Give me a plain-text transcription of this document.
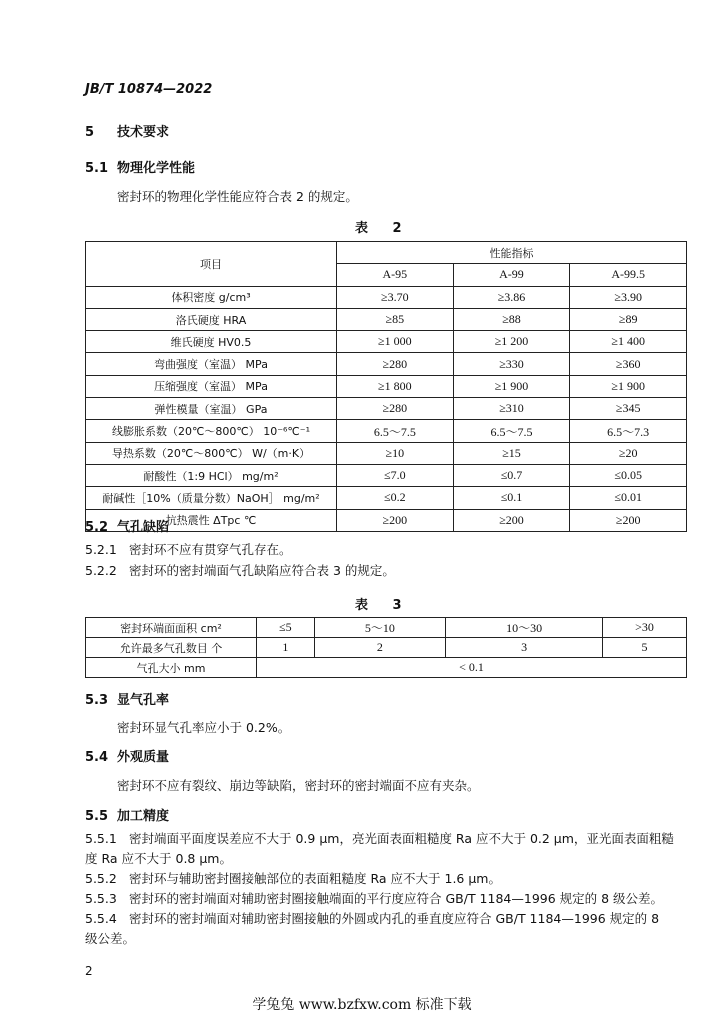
JB/T 10874—2022
5 技术要求
5.1 物理化学性能
密封环的物理化学性能应符合表 2 的规定。
表 2
项目	性能指标		
	A-95	A-99	A-99.5
体积密度 g/cm³	≥3.70	≥3.86	≥3.90
洛氏硬度 HRA	≥85	≥88	≥89
维氏硬度 HV0.5	≥1 000	≥1 200	≥1 400
弯曲强度（室温） MPa	≥280	≥330	≥360
压缩强度（室温） MPa	≥1 800	≥1 900	≥1 900
弹性模量（室温） GPa	≥280	≥310	≥345
线膨胀系数（20℃～800℃） 10⁻⁶℃⁻¹	6.5～7.5	6.5～7.5	6.5～7.3
导热系数（20℃～800℃） W/（m·K）	≥10	≥15	≥20
耐酸性（1:9 HCl） mg/m²	≤7.0	≤0.7	≤0.05
耐碱性［10%（质量分数）NaOH］ mg/m²	≤0.2	≤0.1	≤0.01
抗热震性 ΔTpc ℃	≥200	≥200	≥200
5.2 气孔缺陷
5.2.1 密封环不应有贯穿气孔存在。
5.2.2 密封环的密封端面气孔缺陷应符合表 3 的规定。
表 3
密封环端面面积 cm²	≤5	5～10	10～30	>30
允许最多气孔数目 个	1	2	3	5
气孔大小 mm	< 0.1			
5.3 显气孔率
密封环显气孔率应小于 0.2%。
5.4 外观质量
密封环不应有裂纹、崩边等缺陷，密封环的密封端面不应有夹杂。
5.5 加工精度
5.5.1 密封端面平面度误差应不大于 0.9 μm，亮光面表面粗糙度 Ra 应不大于 0.2 μm，亚光面表面粗糙
度 Ra 应不大于 0.8 μm。
5.5.2 密封环与辅助密封圈接触部位的表面粗糙度 Ra 应不大于 1.6 μm。
5.5.3 密封环的密封端面对辅助密封圈接触端面的平行度应符合 GB/T 1184—1996 规定的 8 级公差。
5.5.4 密封环的密封端面对辅助密封圈接触的外圆或内孔的垂直度应符合 GB/T 1184—1996 规定的 8
级公差。
2
学兔兔 www.bzfxw.com 标准下载
